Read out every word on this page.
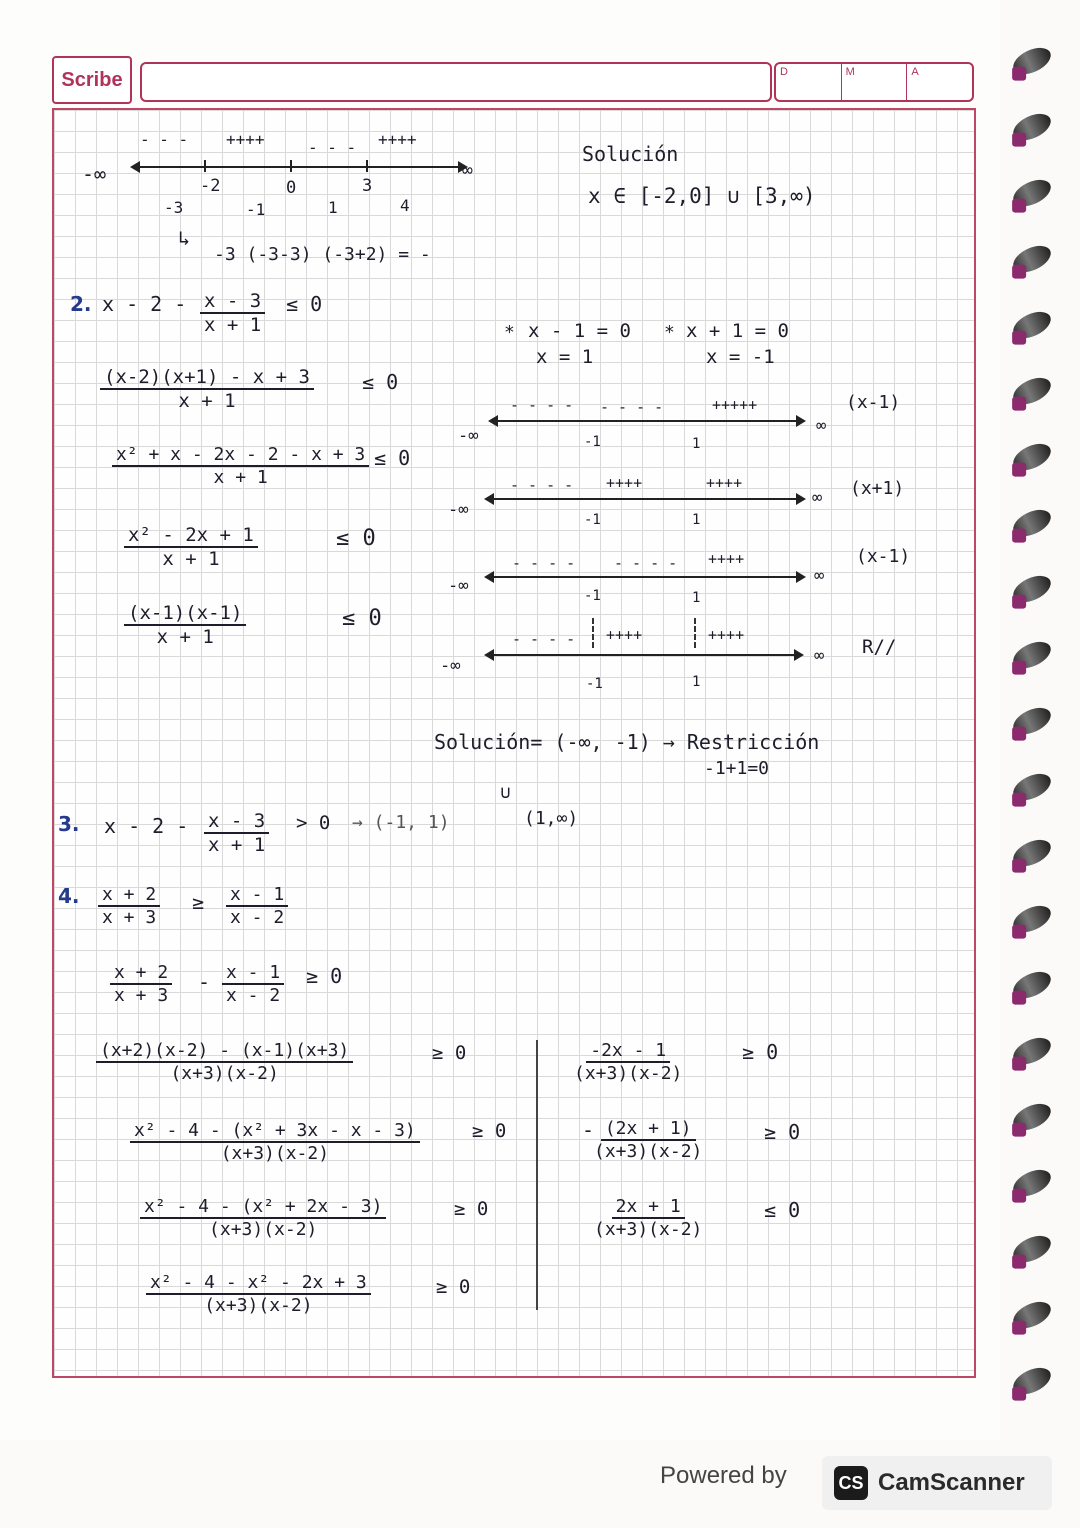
Scribe	D	M	A
- - - ++++	- - - ++++
-∞	∞
-2	0	3
-3	-1	1	4
↳
-3 (-3-3) (-3+2) = -
Solución
x ∈ [-2,0] ∪ [3,∞)
2. $x - 2 - \frac{x - 3}{x + 1} \le 0$
$\frac{(x-2)(x+1) - x + 3}{x + 1} \le 0$
$\frac{\text{x² + x - 2x - 2 - x + 3}}{x + 1} \le 0$
$\frac{\text{x² - 2x + 1}}{x + 1}$	≤ 0
$\frac{(x-1)(x-1)}{x + 1}$	≤ 0
* x - 1 = 0
x = 1
* x + 1 = 0
x = -1
- - - - - - - -	+++++
-∞	∞
(x-1)
-1	1
- - - - ++++	++++
-∞
∞ (x+1)
-1	1
- - - -	- - - - ++++
-∞	∞
(x-1)
-1	1
- - - - ++++	++++
-∞	∞ R//
-1	1
Solución= (-∞, -1) → Restricción
-1+1=0
∪
(1,∞)
3. $x - 2 - \frac{x - 3}{x + 1} > 0 \to (-1$, 1)
4. $\frac{x + 2}{x + 3} \ge \frac{x - 1}{x - 2}$
$\frac{x + 2}{x + 3} - \frac{x - 1}{x - 2} \ge 0$
$\frac{(x+2)(x-2) - (x-1)(x+3)}{(x+3)(x-2)}$	≥ 0
$\frac{\text{x² - 4 - (x² + 3x - x - 3)}}{(x+3)(x-2)}$	≥ 0
$\frac{\text{x² - 4 - (x² + 2x - 3)}}{(x+3)(x-2)}$	≥ 0
$\frac{\text{x² - 4 - x² - 2x + 3}}{(x+3)(x-2)}$	≥ 0
$\frac{-2x - 1}{(x+3)(x-2)}$	≥ 0
-
$\frac{(2x + 1)}{(x+3)(x-2)}$	≥ 0
$\frac{2x + 1}{(x+3)(x-2)}$	≤ 0
Powered by	CS CamScanner
